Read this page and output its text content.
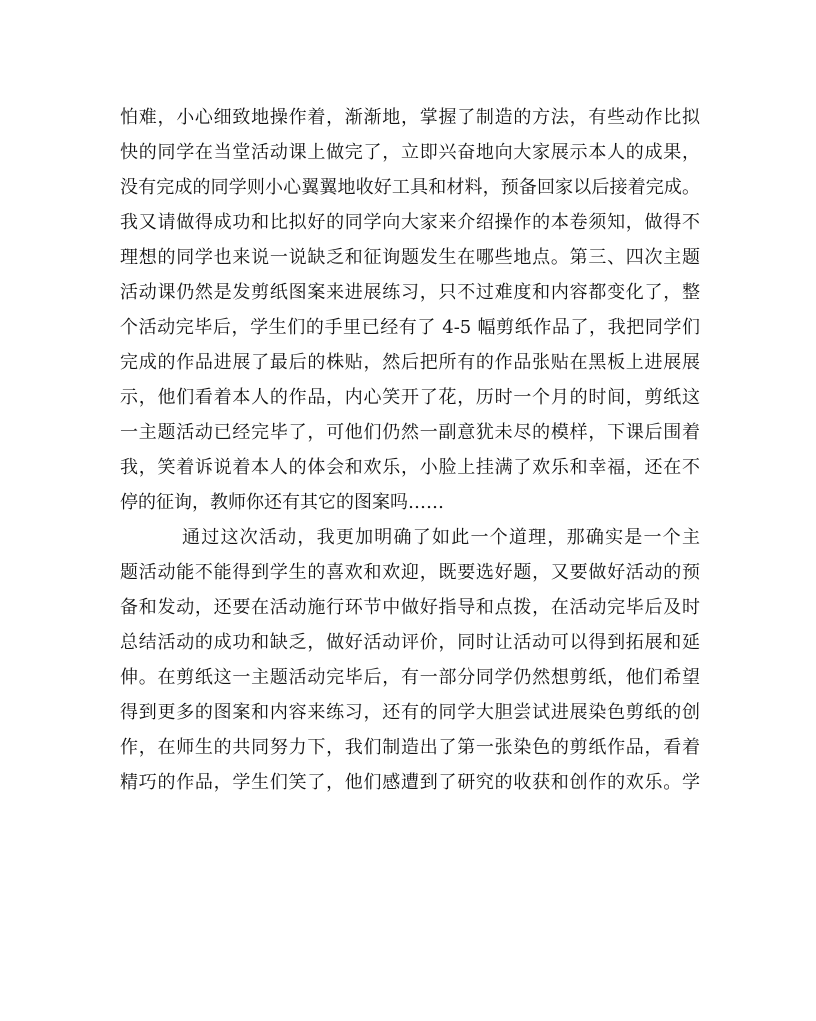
怕难，小心细致地操作着，渐渐地，掌握了制造的方法，有些动作比拟
快的同学在当堂活动课上做完了，立即兴奋地向大家展示本人的成果，
没有完成的同学则小心翼翼地收好工具和材料，预备回家以后接着完成。
我又请做得成功和比拟好的同学向大家来介绍操作的本卷须知，做得不
理想的同学也来说一说缺乏和征询题发生在哪些地点。第三、四次主题
活动课仍然是发剪纸图案来进展练习，只不过难度和内容都变化了，整
个活动完毕后，学生们的手里已经有了 4-5 幅剪纸作品了，我把同学们
完成的作品进展了最后的株贴，然后把所有的作品张贴在黑板上进展展
示，他们看着本人的作品，内心笑开了花，历时一个月的时间，剪纸这
一主题活动已经完毕了，可他们仍然一副意犹未尽的模样，下课后围着
我，笑着诉说着本人的体会和欢乐，小脸上挂满了欢乐和幸福，还在不
停的征询，教师你还有其它的图案吗……
通过这次活动，我更加明确了如此一个道理，那确实是一个主
题活动能不能得到学生的喜欢和欢迎，既要选好题，又要做好活动的预
备和发动，还要在活动施行环节中做好指导和点拨，在活动完毕后及时
总结活动的成功和缺乏，做好活动评价，同时让活动可以得到拓展和延
伸。在剪纸这一主题活动完毕后，有一部分同学仍然想剪纸，他们希望
得到更多的图案和内容来练习，还有的同学大胆尝试进展染色剪纸的创
作，在师生的共同努力下，我们制造出了第一张染色的剪纸作品，看着
精巧的作品，学生们笑了，他们感遭到了研究的收获和创作的欢乐。学
